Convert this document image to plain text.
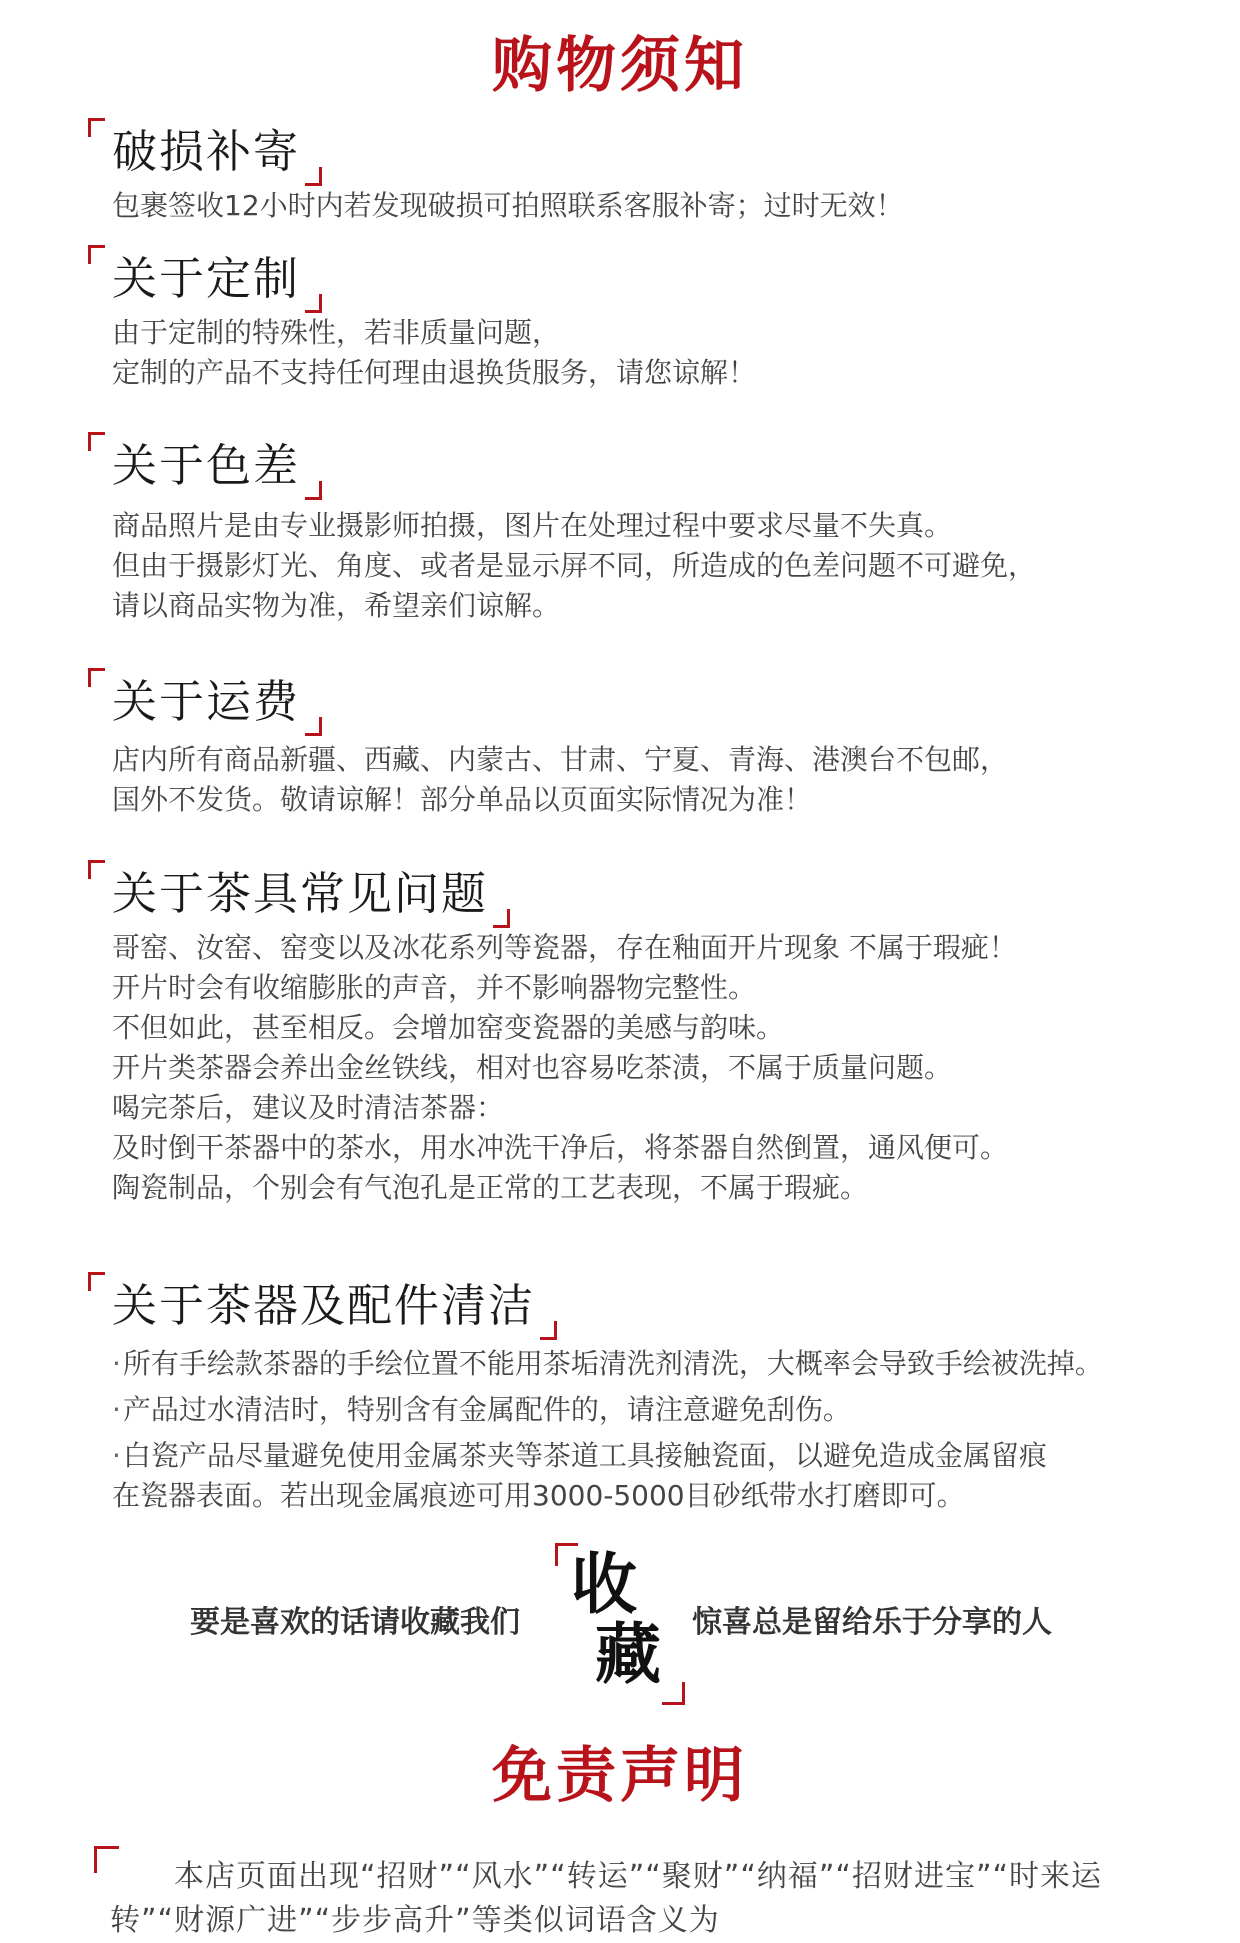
购物须知
破损补寄

包裹签收12小时内若发现破损可拍照联系客服补寄；过时无效！

关于定制

由于定制的特殊性，若非质量问题，

定制的产品不支持任何理由退换货服务，请您谅解！

关于色差

商品照片是由专业摄影师拍摄，图片在处理过程中要求尽量不失真。

但由于摄影灯光、角度、或者是显示屏不同，所造成的色差问题不可避免，

请以商品实物为准，希望亲们谅解。

关于运费

店内所有商品新疆、西藏、内蒙古、甘肃、宁夏、青海、港澳台不包邮，

国外不发货。敬请谅解！部分单品以页面实际情况为准！

关于茶具常见问题

哥窑、汝窑、窑变以及冰花系列等瓷器，存在釉面开片现象 不属于瑕疵！

开片时会有收缩膨胀的声音，并不影响器物完整性。

不但如此，甚至相反。会增加窑变瓷器的美感与韵味。

开片类茶器会养出金丝铁线，相对也容易吃茶渍，不属于质量问题。

喝完茶后，建议及时清洁茶器：

及时倒干茶器中的茶水，用水冲洗干净后，将茶器自然倒置，通风便可。

陶瓷制品，个别会有气泡孔是正常的工艺表现，不属于瑕疵。

关于茶器及配件清洁

·所有手绘款茶器的手绘位置不能用茶垢清洗剂清洗，大概率会导致手绘被洗掉。

·产品过水清洁时，特别含有金属配件的，请注意避免刮伤。

·白瓷产品尽量避免使用金属茶夹等茶道工具接触瓷面，以避免造成金属留痕在瓷器表面。若出现金属痕迹可用3000-5000目砂纸带水打磨即可。

要是喜欢的话请收藏我们 收
藏 惊喜总是留给乐于分享的人
免责声明

本店页面出现“招财”“风水”“转运”“聚财”“纳福”“招财进宝”“时来运转”“财源广进”“步步高升”等类似词语含义为
